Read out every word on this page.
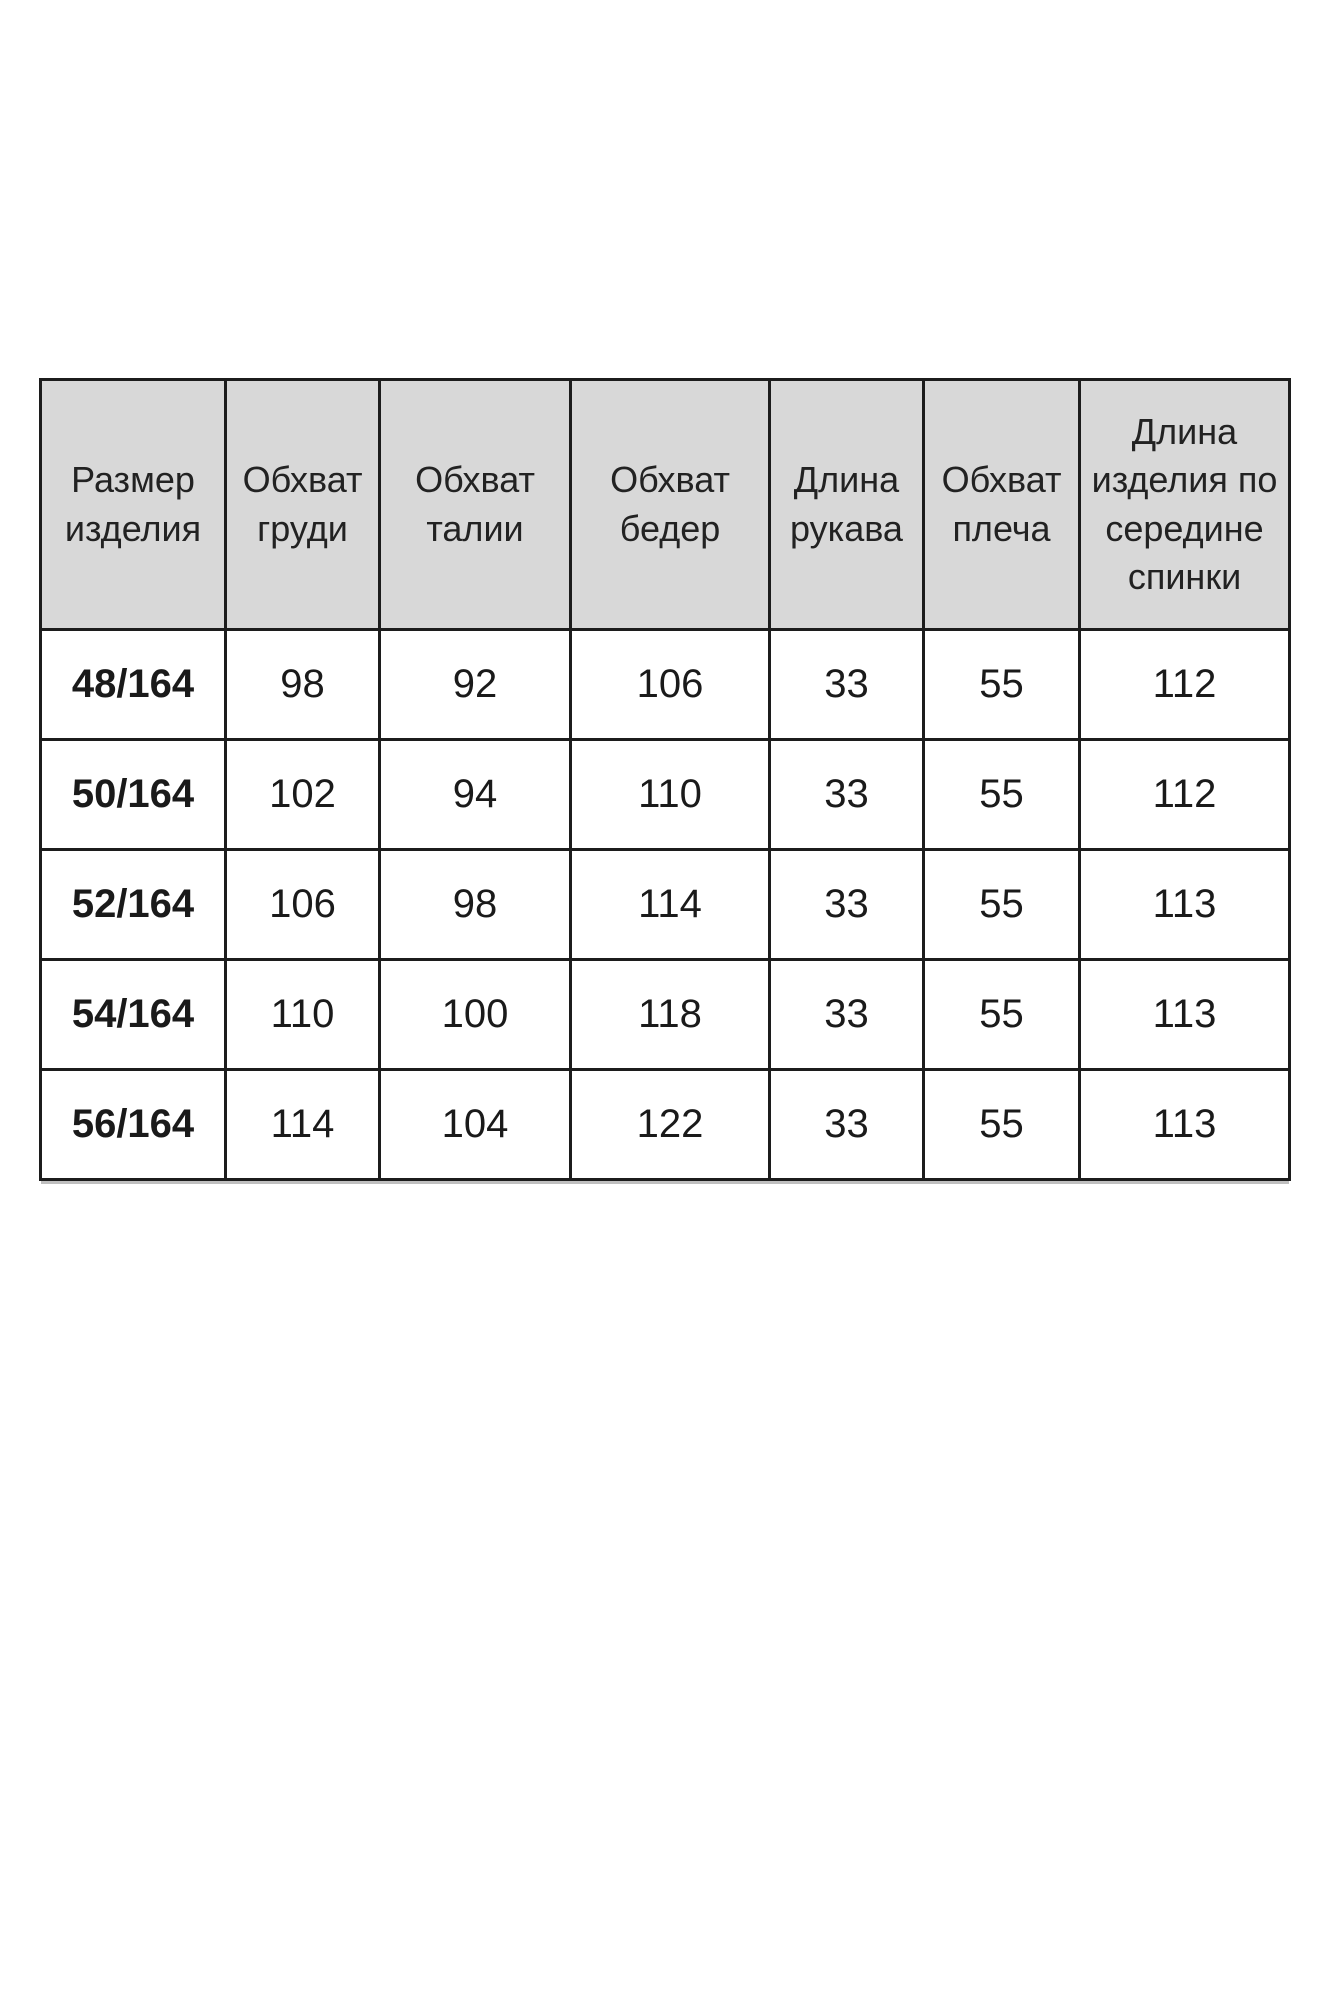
Размер изделия	Обхват груди	Обхват талии	Обхват бедер	Длина рукава	Обхват плеча	Длина изделия по середине спинки
48/164	98	92	106	33	55	112
50/164	102	94	110	33	55	112
52/164	106	98	114	33	55	113
54/164	110	100	118	33	55	113
56/164	114	104	122	33	55	113
